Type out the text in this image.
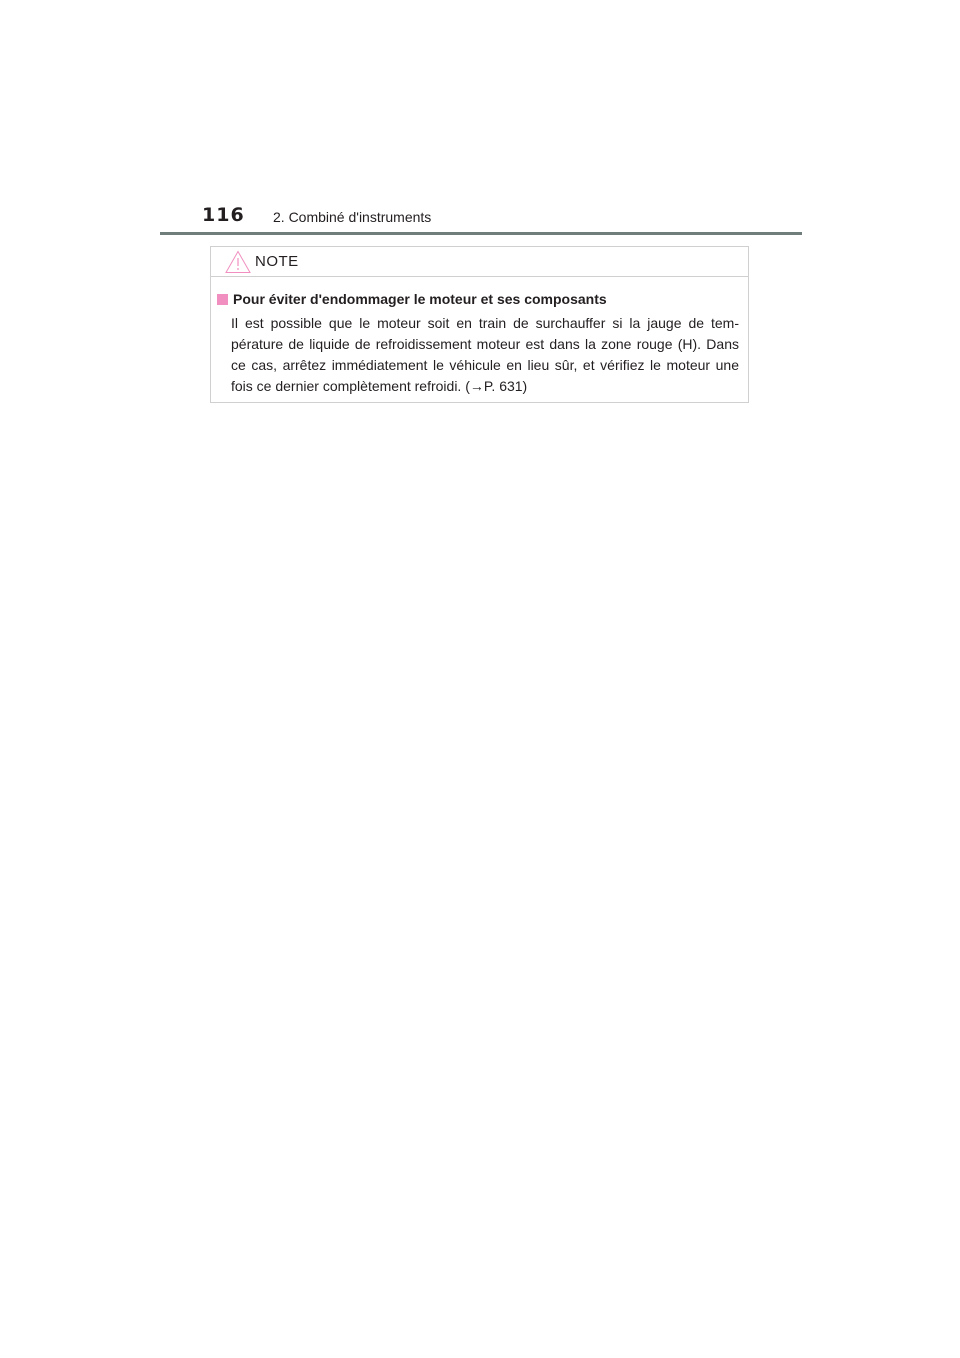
116 2. Combiné d'instruments
NOTE
Pour éviter d'endommager le moteur et ses composants

Il est possible que le moteur soit en train de surchauffer si la jauge de tem-pérature de liquide de refroidissement moteur est dans la zone rouge (H). Dans ce cas, arrêtez immédiatement le véhicule en lieu sûr, et vérifiez le moteur une fois ce dernier complètement refroidi. (→P. 631)
